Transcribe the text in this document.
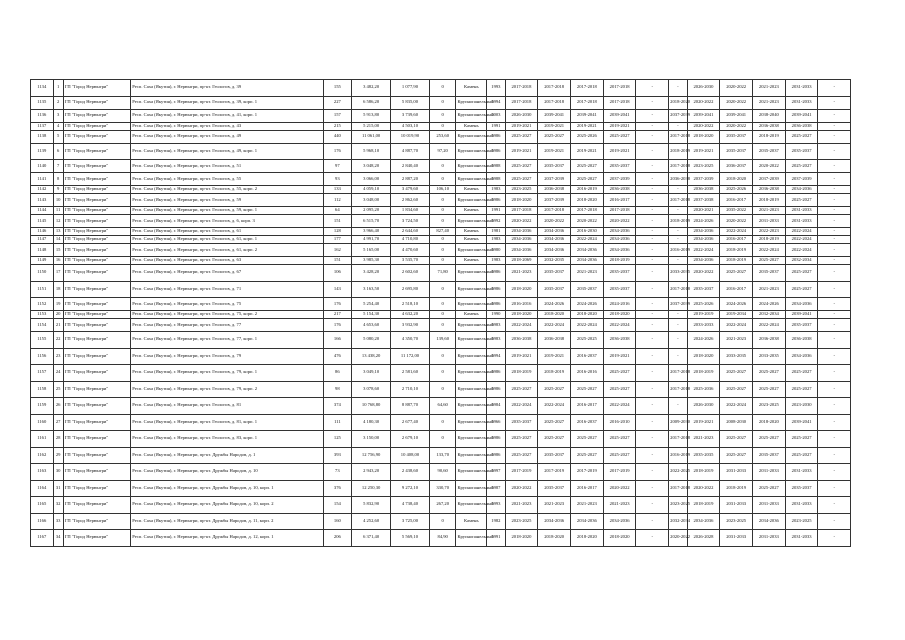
1134	1	ГП "Город Нерюнгри"	Респ. Саха (Якутия), г. Нерюнгри, пр-кт. Геологов, д. 39	155	3 482,20	1 077,90	0	Камень	1993	2017-2018	2017-2018	2017-2018	2017-2018	-	-	2026-2030	2020-2022	2021-2023	2031-2033	-
1135	2	ГП "Город Нерюнгри"	Респ. Саха (Якутия), г. Нерюнгри, пр-кт. Геологов, д. 39, корп. 1	227	6 586,20	5 835,00	0	Крупнопанельный	1994	2017-2018	2017-2018	2017-2018	2017-2018	-	2018-2020	2020-2022	2020-2022	2021-2023	2031-2033	-
1136	3	ГП "Город Нерюнгри"	Респ. Саха (Якутия), г. Нерюнгри, пр-кт. Геологов, д. 41, корп. 1	157	5 913,80	3 739,60	0	Крупнопанельный	2003	2026-2030	2039-2041	2039-2041	2039-2041	-	2037-2039	2039-2041	2039-2041	2038-2040	2039-2041	-
1137	4	ГП "Город Нерюнгри"	Респ. Саха (Якутия), г. Нерюнгри, пр-кт. Геологов, д. 43	215	5 215,00	4 503,10	0	Камень	1991	2019-2021	2019-2021	2019-2021	2019-2021	-	-	2020-2022	2020-2022	2036-2038	2036-2038	-
1138	5	ГП "Город Нерюнгри"	Респ. Саха (Якутия), г. Нерюнгри, пр-кт. Геологов, д. 49	440	11 061,00	10 019,90	253,60	Крупнопанельный	1986	2025-2027	2025-2027	2025-2026	2025-2027	-	2017-2018	2018-2020	2035-2037	2018-2019	2025-2027	-
1139	6	ГП "Город Нерюнгри"	Респ. Саха (Якутия), г. Нерюнгри, пр-кт. Геологов, д. 49, корп. 1	176	5 968,10	4 887,70	97,20	Крупнопанельный	1986	2019-2021	2019-2021	2019-2021	2019-2021	-	2018-2019	2019-2021	2035-2037	2035-2037	2035-2037	-
1140	7	ГП "Город Нерюнгри"	Респ. Саха (Якутия), г. Нерюнгри, пр-кт. Геологов, д. 51	97	3 048,20	2 840,40	0	Крупнопанельный	1988	2025-2027	2035-2037	2025-2027	2035-2037	-	2017-2018	2023-2025	2036-2037	2020-2022	2025-2027	-
1141	8	ГП "Город Нерюнгри"	Респ. Саха (Якутия), г. Нерюнгри, пр-кт. Геологов, д. 55	93	3 066,00	2 887,20	0	Крупнопанельный	1988	2025-2027	2037-2039	2025-2027	2037-2039	-	2036-2038	2037-2039	2018-2020	2037-2039	2037-2039	-
1142	9	ГП "Город Нерюнгри"	Респ. Саха (Якутия), г. Нерюнгри, пр-кт. Геологов, д. 55, корп. 2	133	4 059,10	3 479,60	106,10	Камень	1983	2023-2025	2036-2038	2016-2019	2036-2038	-	-	2036-2038	2025-2026	2036-2038	2034-2036	-
1143	10	ГП "Город Нерюнгри"	Респ. Саха (Якутия), г. Нерюнгри, пр-кт. Геологов, д. 59	112	3 048,00	2 862,60	0	Крупнопанельный	1986	2018-2020	2037-2039	2018-2020	2016-2017	-	2017-2018	2037-2038	2016-2017	2018-2019	2025-2027	-
1144	11	ГП "Город Нерюнгри"	Респ. Саха (Якутия), г. Нерюнгри, пр-кт. Геологов, д. 59, корп. 1	64	2 095,20	1 834,60	0	Камень	1991	2017-2018	2017-2018	2017-2018	2017-2018	-	-	2020-2021	2035-2022	2021-2023	2031-2033	-
1145	12	ГП "Город Нерюнгри"	Респ. Саха (Якутия), г. Нерюнгри, пр-кт. Геологов, д. 6, корп. 3	151	6 515,70	3 724,50	0	Крупнопанельный	1992	2020-2022	2020-2022	2020-2022	2020-2022	-	2018-2019	2024-2026	2020-2022	2031-2033	2031-2033	-
1146	13	ГП "Город Нерюнгри"	Респ. Саха (Якутия), г. Нерюнгри, пр-кт. Геологов, д. 61	128	3 966,40	2 644,60	827,40	Камень	1981	2034-2036	2034-2036	2016-2030	2034-2036	-	-	2034-2036	2022-2024	2022-2023	2022-2024	-
1147	14	ГП "Город Нерюнгри"	Респ. Саха (Якутия), г. Нерюнгри, пр-кт. Геологов, д. 61, корп. 1	177	4 991,70	4 710,80	0	Камень	1983	2034-2036	2034-2036	2022-2024	2034-2036	-	-	2034-2036	2016-2017	2018-2019	2022-2024	-
1148	15	ГП "Город Нерюнгри"	Респ. Саха (Якутия), г. Нерюнгри, пр-кт. Геологов, д. 61, корп. 2	162	5 165,00	4 470,60	0	Крупнопанельный	1980	2034-2036	2034-2036	2034-2036	2034-2036	-	2016-2019	2022-2024	2018-2019	2022-2024	2022-2024	-
1149	16	ГП "Город Нерюнгри"	Респ. Саха (Якутия), г. Нерюнгри, пр-кт. Геологов, д. 63	151	3 985,30	3 535,70	0	Камень	1983	2018-2069	2032-2035	2034-2036	2018-2019	-	-	2034-2036	2018-2019	2025-2027	2032-2034	-
1150	17	ГП "Город Нерюнгри"	Респ. Саха (Якутия), г. Нерюнгри, пр-кт. Геологов, д. 67	106	3 428,20	2 602,60	71,80	Крупнопанельный	1986	2021-2023	2035-2037	2021-2023	2035-2037	-	2033-2035	2020-2022	2025-2027	2035-2037	2025-2027	-
1151	18	ГП "Город Нерюнгри"	Респ. Саха (Якутия), г. Нерюнгри, пр-кт. Геологов, д. 71	143	3 163,50	2 695,80	0	Крупнопанельный	1986	2018-2020	2035-2037	2035-2037	2035-2037	-	2017-2018	2035-2037	2016-2017	2021-2023	2025-2027	-
1152	19	ГП "Город Нерюнгри"	Респ. Саха (Якутия), г. Нерюнгри, пр-кт. Геологов, д. 75	176	5 254,40	2 518,10	0	Крупнопанельный	1986	2016-2016	2024-2026	2024-2026	2024-2016	-	2037-2039	2025-2026	2024-2026	2024-2026	2034-2036	-
1153	20	ГП "Город Нерюнгри"	Респ. Саха (Якутия), г. Нерюнгри, пр-кт. Геологов, д. 75, корп. 2	217	5 154,30	4 632,20	0	Камень	1990	2018-2020	2018-2020	2018-2020	2018-2020	-	-	2019-2019	2019-2034	2032-2034	2039-2041	-
1154	21	ГП "Город Нерюнгри"	Респ. Саха (Якутия), г. Нерюнгри, пр-кт. Геологов, д. 77	176	4 653,60	3 932,90	0	Крупнопанельный	1983	2022-2024	2022-2024	2022-2024	2022-2024	-	-	2033-2033	2022-2024	2022-2024	2035-2037	-
1155	22	ГП "Город Нерюнгри"	Респ. Саха (Якутия), г. Нерюнгри, пр-кт. Геологов, д. 77, корп. 1	166	5 080,20	4 350,70	139,60	Крупнопанельный	1983	2036-2038	2036-2038	2025-2025	2036-2038	-	-	2024-2026	2021-2023	2036-2038	2036-2038	-
1156	23	ГП "Город Нерюнгри"	Респ. Саха (Якутия), г. Нерюнгри, пр-кт. Геологов, д. 79	476	13 438,20	11 172,00	0	Крупнопанельный	1994	2019-2021	2019-2021	2016-2037	2019-2021	-	-	2018-2020	2033-2035	2033-2035	2034-2036	-
1157	24	ГП "Город Нерюнгри"	Респ. Саха (Якутия), г. Нерюнгри, пр-кт. Геологов, д. 79, корп. 1	86	3 049,10	2 581,60	0	Крупнопанельный	1986	2018-2019	2018-2019	2016-2016	2025-2027	-	2017-2018	2018-2019	2025-2027	2025-2027	2025-2027	-
1158	25	ГП "Город Нерюнгри"	Респ. Саха (Якутия), г. Нерюнгри, пр-кт. Геологов, д. 79, корп. 2	98	3 078,60	2 710,10	0	Крупнопанельный	1986	2025-2027	2025-2027	2025-2027	2025-2027	-	2017-2018	2025-2036	2025-2027	2025-2027	2025-2027	-
1159	26	ГП "Город Нерюнгри"	Респ. Саха (Якутия), г. Нерюнгри, пр-кт. Геологов, д. 81	374	10 768,80	8 887,70	64,60	Крупнопанельный	1984	2022-2024	2022-2024	2016-2017	2022-2024	-	-	2026-2030	2022-2024	2023-2025	2023-2030	-
1160	27	ГП "Город Нерюнгри"	Респ. Саха (Якутия), г. Нерюнгри, пр-кт. Геологов, д. 81, корп. 1	111	4 180,30	2 677,40	0	Крупнопанельный	1966	2035-2037	2025-2027	2016-2037	2016-2010	-	2009-2030	2019-2021	2008-2030	2018-2020	2039-2041	-
1161	28	ГП "Город Нерюнгри"	Респ. Саха (Якутия), г. Нерюнгри, пр-кт. Геологов, д. 83, корп. 1	125	3 150,00	2 679,10	0	Крупнопанельный	1986	2025-2027	2025-2027	2025-2027	2025-2027	-	2017-2018	2021-2023	2025-2027	2025-2027	2025-2027	-
1162	29	ГП "Город Нерюнгри"	Респ. Саха (Якутия), г. Нерюнгри, пр-кт. Дружбы Народов, д. 1	393	12 756,90	10 408,00	133,70	Крупнопанельный	1986	2025-2027	2035-2037	2025-2027	2025-2027	-	2016-2019	2035-2035	2025-2027	2035-2037	2025-2027	-
1163	30	ГП "Город Нерюнгри"	Респ. Саха (Якутия), г. Нерюнгри, пр-кт. Дружбы Народов, д. 10	73	2 943,20	2 438,60	90,60	Крупнопанельный	1997	2017-2019	2017-2019	2017-2019	2017-2019	-	2022-2025	2018-2019	2031-2033	2031-2033	2031-2033	-
1164	31	ГП "Город Нерюнгри"	Респ. Саха (Якутия), г. Нерюнгри, пр-кт. Дружбы Народов, д. 10, корп. 1	376	12 250,30	9 272,10	330,70	Крупнопанельный	1987	2020-2022	2035-2037	2016-2017	2020-2022	-	2017-2018	2020-2022	2018-2019	2025-2027	2035-2037	-
1165	32	ГП "Город Нерюнгри"	Респ. Саха (Якутия), г. Нерюнгри, пр-кт. Дружбы Народов, д. 10, корп. 2	154	5 832,90	4 738,40	267,20	Крупнопанельный	1993	2021-2023	2021-2023	2021-2023	2021-2023	-	2023-2025	2018-2019	2031-2033	2031-2033	2031-2033	-
1166	33	ГП "Город Нерюнгри"	Респ. Саха (Якутия), г. Нерюнгри, пр-кт. Дружбы Народов, д. 11, корп. 2	160	4 252,60	3 725,00	0	Камень	1982	2023-2025	2034-2036	2034-2036	2034-2036	-	2032-2034	2034-2036	2023-2025	2034-2036	2023-2025	-
1167	34	ГП "Город Нерюнгри"	Респ. Саха (Якутия), г. Нерюнгри, пр-кт. Дружбы Народов, д. 12, корп. 1	206	6 371,40	5 569,10	84,90	Крупнопанельный	1991	2018-2020	2018-2020	2018-2020	2018-2020	-	2020-2022	2026-2028	2031-2033	2031-2033	2031-2033	-
